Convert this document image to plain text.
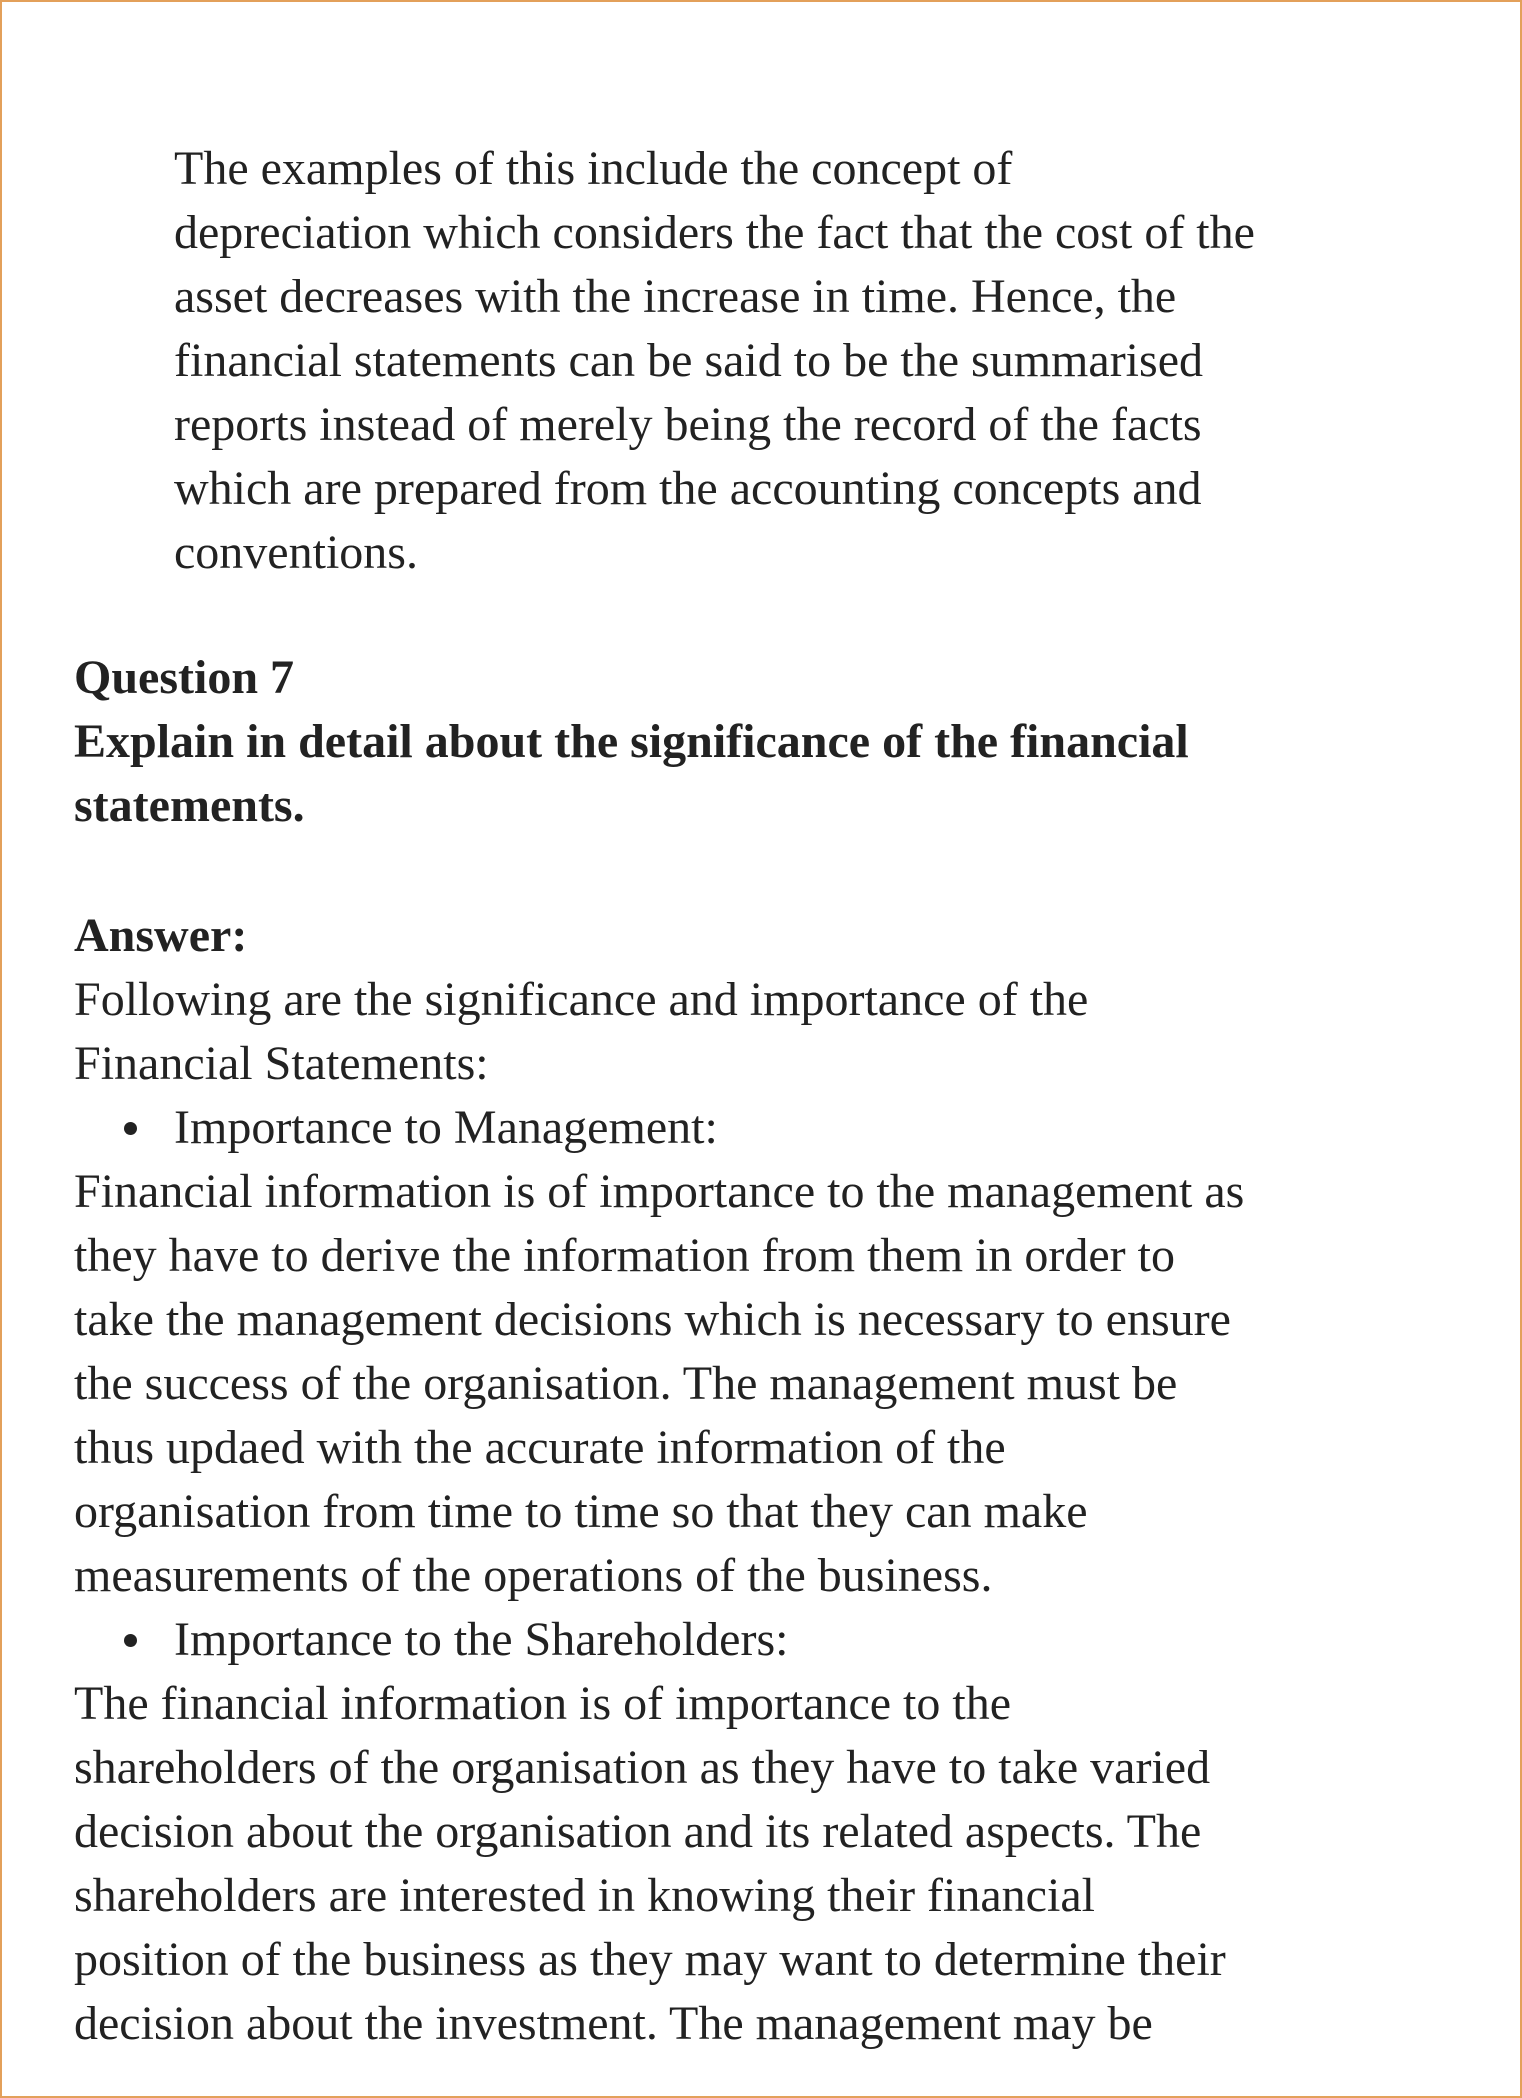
The examples of this include the concept of
depreciation which considers the fact that the cost of the
asset decreases with the increase in time. Hence, the
financial statements can be said to be the summarised
reports instead of merely being the record of the facts
which are prepared from the accounting concepts and
conventions.
Question 7
Explain in detail about the significance of the financial
statements.
Answer:
Following are the significance and importance of the
Financial Statements:
Importance to Management:
Financial information is of importance to the management as
they have to derive the information from them in order to
take the management decisions which is necessary to ensure
the success of the organisation. The management must be
thus updaed with the accurate information of the
organisation from time to time so that they can make
measurements of the operations of the business.
Importance to the Shareholders:
The financial information is of importance to the
shareholders of the organisation as they have to take varied
decision about the organisation and its related aspects. The
shareholders are interested in knowing their financial
position of the business as they may want to determine their
decision about the investment. The management may be
